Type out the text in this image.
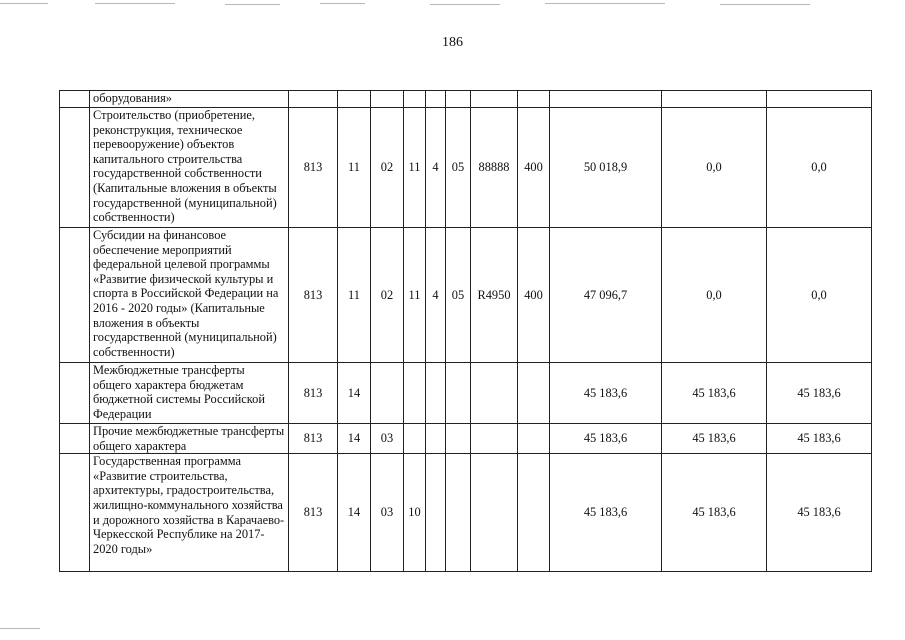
186
	оборудования»											
	Строительство (приобретение, реконструкция, техническое перевооружение) объектов капитального строительства государственной собственности (Капитальные вложения в объекты государственной (муниципальной) собственности)	813	11	02	11	4	05	88888	400	50 018,9	0,0	0,0
	Субсидии на финансовое обеспечение мероприятий федеральной целевой программы «Развитие физической культуры и спорта в Российской Федерации на 2016 - 2020 годы» (Капитальные вложения в объекты государственной (муниципальной) собственности)	813	11	02	11	4	05	R4950	400	47 096,7	0,0	0,0
	Межбюджетные трансферты общего характера бюджетам бюджетной системы Российской Федерации	813	14							45 183,6	45 183,6	45 183,6
	Прочие межбюджетные трансферты общего характера	813	14	03						45 183,6	45 183,6	45 183,6
	Государственная программа «Развитие строительства, архитектуры, градостроительства, жилищно-коммунального хозяйства и дорожного хозяйства в Карачаево-Черкесской Республике на 2017-2020 годы»	813	14	03	10					45 183,6	45 183,6	45 183,6
